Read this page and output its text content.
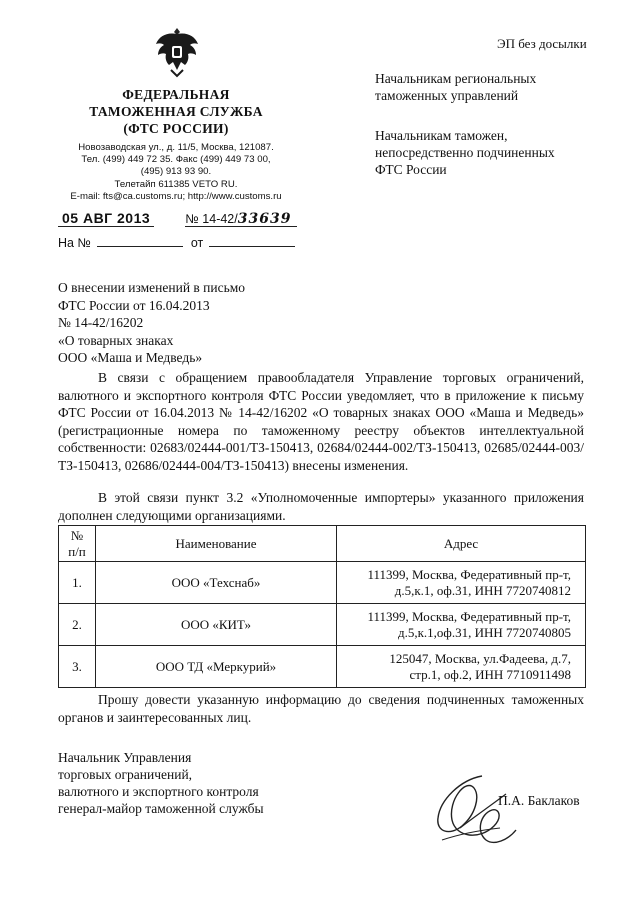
ЭП без досылки
ФЕДЕРАЛЬНАЯ
ТАМОЖЕННАЯ СЛУЖБА
(ФТС РОССИИ)
Новозаводская ул., д. 11/5, Москва, 121087.
Тел. (499) 449 72 35. Факс (499) 449 73 00,
(495) 913 93 90.
Телетайп 611385 VETO RU.
E-mail: fts@ca.customs.ru; http://www.customs.ru
05 АВГ 2013	№ 14-42/33639
На №	от
Начальникам региональных
таможенных управлений
Начальникам таможен,
непосредственно подчиненных
ФТС России
О внесении изменений в письмо
ФТС России от 16.04.2013
№ 14-42/16202
«О товарных знаках
ООО «Маша и Медведь»
В связи с обращением правообладателя Управление торговых ограничений, валютного и экспортного контроля ФТС России уведомляет, что в приложение к письму ФТС России от 16.04.2013 № 14-42/16202 «О товарных знаках ООО «Маша и Медведь» (регистрационные номера по таможенному реестру объектов интеллектуальной собственности: 02683/02444-001/ТЗ-150413, 02684/02444-002/ТЗ-150413, 02685/02444-003/ТЗ-150413, 02686/02444-004/ТЗ-150413) внесены изменения.
В этой связи пункт 3.2 «Уполномоченные импортеры» указанного приложения дополнен следующими организациями.
№
п/п	Наименование	Адрес
1.	ООО «Техснаб»	111399, Москва, Федеративный пр-т,
д.5,к.1, оф.31, ИНН 7720740812

2.	ООО «КИТ»	111399, Москва, Федеративный пр-т,
д.5,к.1,оф.31, ИНН 7720740805

3.	ООО ТД «Меркурий»	125047, Москва, ул.Фадеева, д.7,
стр.1, оф.2, ИНН 7710911498
Прошу довести указанную информацию до сведения подчиненных таможенных органов и заинтересованных лиц.
Начальник Управления
торговых ограничений,
валютного и экспортного контроля
генерал-майор таможенной службы
П.А. Баклаков
